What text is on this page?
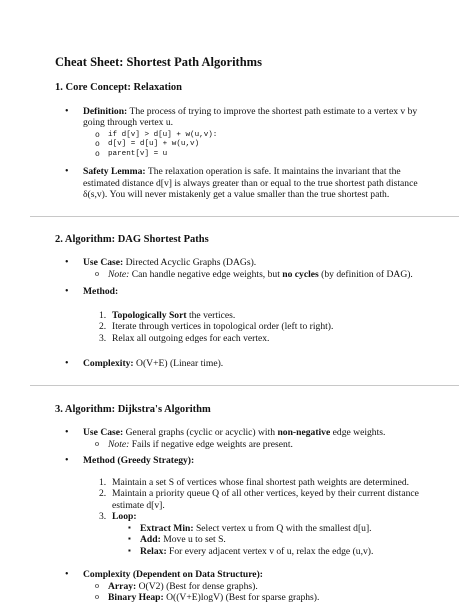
Cheat Sheet: Shortest Path Algorithms
1. Core Concept: Relaxation
• Definition: The process of trying to improve the shortest path estimate to a vertex v by going through vertex u.
o if d[v] > d[u] + w(u,v):
o d[v] = d[u] + w(u,v)
o parent[v] = u
• Safety Lemma: The relaxation operation is safe. It maintains the invariant that the estimated distance d[v] is always greater than or equal to the true shortest path distance δ(s,v). You will never mistakenly get a value smaller than the true shortest path.
2. Algorithm: DAG Shortest Paths
• Use Case: Directed Acyclic Graphs (DAGs).
o Note: Can handle negative edge weights, but no cycles (by definition of DAG).
• Method:
1. Topologically Sort the vertices.
2. Iterate through vertices in topological order (left to right).
3. Relax all outgoing edges for each vertex.
• Complexity: O(V+E) (Linear time).
3. Algorithm: Dijkstra's Algorithm
• Use Case: General graphs (cyclic or acyclic) with non-negative edge weights.
o Note: Fails if negative edge weights are present.
• Method (Greedy Strategy):
1. Maintain a set S of vertices whose final shortest path weights are determined.
2. Maintain a priority queue Q of all other vertices, keyed by their current distance estimate d[v].
3. Loop:
▪ Extract Min: Select vertex u from Q with the smallest d[u].
▪ Add: Move u to set S.
▪ Relax: For every adjacent vertex v of u, relax the edge (u,v).
• Complexity (Dependent on Data Structure):
o Array: O(V2) (Best for dense graphs).
o Binary Heap: O((V+E)logV) (Best for sparse graphs).
